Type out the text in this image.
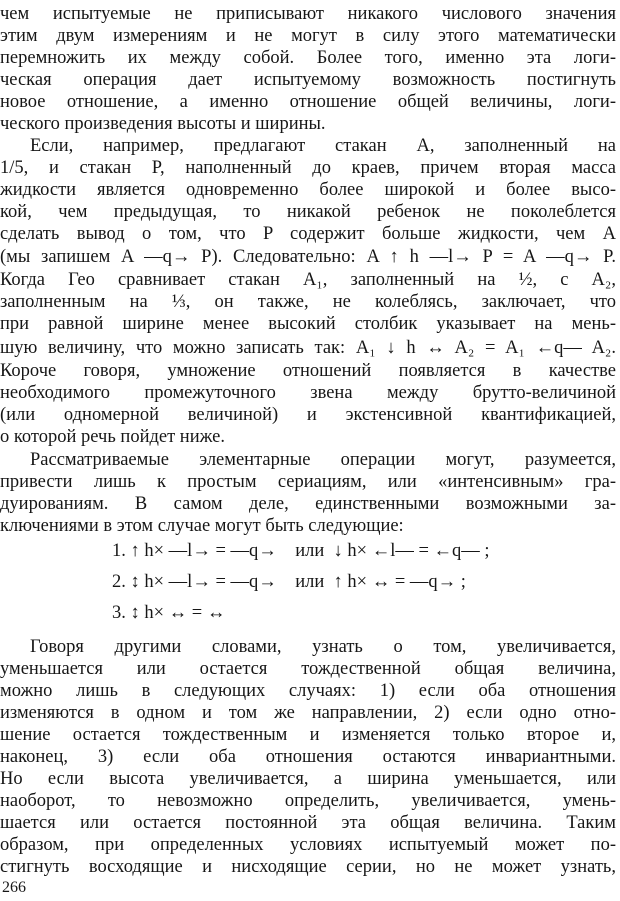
чем испытуемые не приписывают никакого числового значения
этим двум измерениям и не могут в силу этого математически
перемножить их между собой. Более того, именно эта логи-
ческая операция дает испытуемому возможность постигнуть
новое отношение, а именно отношение общей величины, логи-
ческого произведения высоты и ширины.
Если, например, предлагают стакан A, заполненный на
1/5, и стакан P, наполненный до краев, причем вторая масса
жидкости является одновременно более широкой и более высо-
кой, чем предыдущая, то никакой ребенок не поколеблется
сделать вывод о том, что P содержит больше жидкости, чем A
(мы запишем A —q→ P). Следовательно: A ↑ h —l→ P = A —q→ P.
Когда Гео сравнивает стакан A₁, заполненный на ½, с A₂,
заполненным на ⅓, он также, не колеблясь, заключает, что
при равной ширине менее высокий столбик указывает на мень-
шую величину, что можно записать так: A₁ ↓ h ↔ A₂ = A₁ ←q— A₂.
Короче говоря, умножение отношений появляется в качестве
необходимого промежуточного звена между брутто-величиной
(или одномерной величиной) и экстенсивной квантификацией,
о которой речь пойдет ниже.
Рассматриваемые элементарные операции могут, разумеется,
привести лишь к простым сериациям, или «интенсивным» гра-
дуированиям. В самом деле, единственными возможными за-
ключениями в этом случае могут быть следующие:
1. ↑ h× —l→ = —q→    или  ↓ h× ←l— = ←q— ;
2. ↕ h× —l→ = —q→    или  ↑ h× ↔ = —q→ ;
3. ↕ h× ↔ = ↔
Говоря другими словами, узнать о том, увеличивается,
уменьшается или остается тождественной общая величина,
можно лишь в следующих случаях: 1) если оба отношения
изменяются в одном и том же направлении, 2) если одно отно-
шение остается тождественным и изменяется только второе и,
наконец, 3) если оба отношения остаются инвариантными.
Но если высота увеличивается, а ширина уменьшается, или
наоборот, то невозможно определить, увеличивается, умень-
шается или остается постоянной эта общая величина. Таким
образом, при определенных условиях испытуемый может по-
стигнуть восходящие и нисходящие серии, но не может узнать,
266
